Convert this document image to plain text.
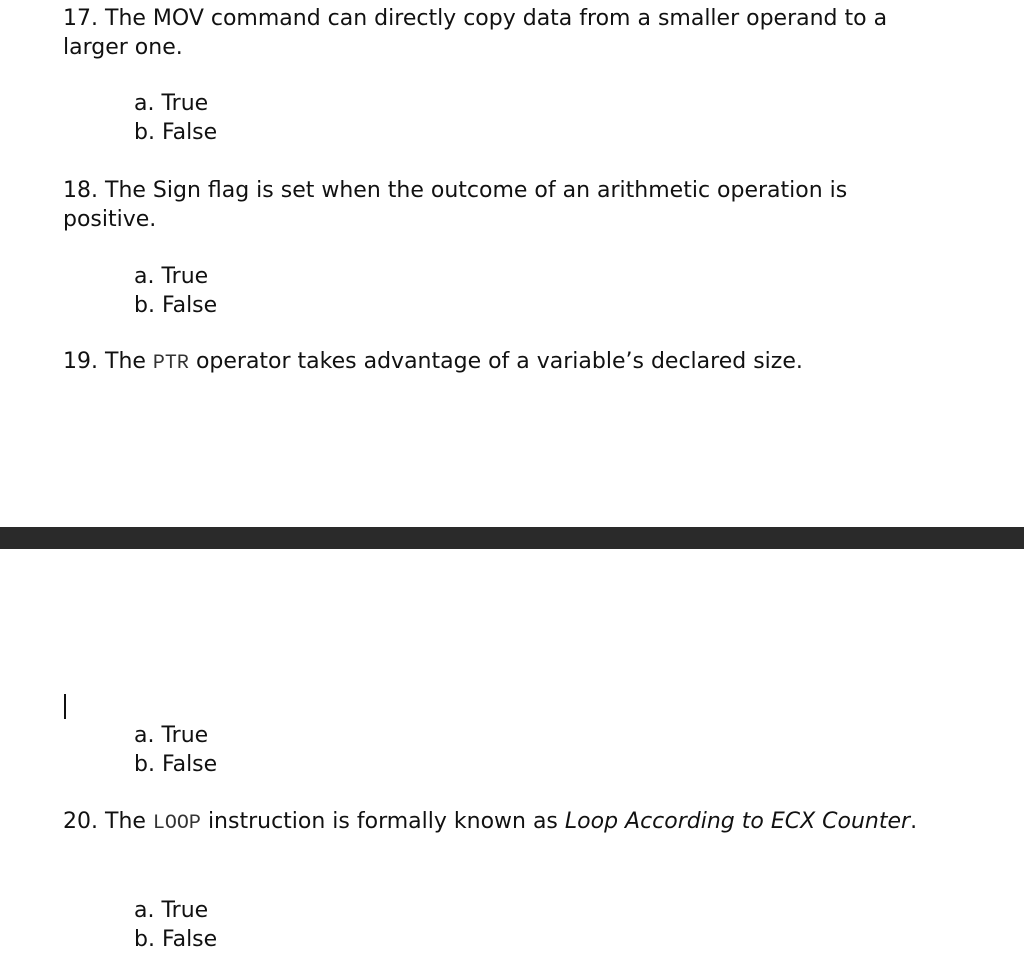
17. The MOV command can directly copy data from a smaller operand to a larger one.

a. True
b. False

18. The Sign flag is set when the outcome of an arithmetic operation is positive.

a. True
b. False

19. The PTR operator takes advantage of a variable’s declared size.

a. True
b. False

20. The LOOP instruction is formally known as Loop According to ECX Counter.

a. True
b. False
